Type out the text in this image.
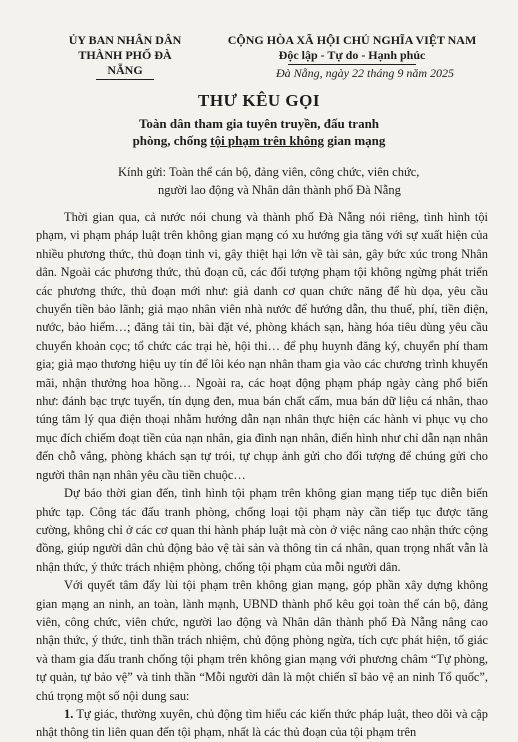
ỦY BAN NHÂN DÂN
THÀNH PHỐ ĐÀ NẴNG
CỘNG HÒA XÃ HỘI CHỦ NGHĨA VIỆT NAM
Độc lập - Tự do - Hạnh phúc
Đà Nẵng, ngày 22 tháng 9 năm 2025
THƯ KÊU GỌI
Toàn dân tham gia tuyên truyền, đấu tranh
phòng, chống tội phạm trên không gian mạng
Kính gửi: Toàn thể cán bộ, đảng viên, công chức, viên chức,
người lao động và Nhân dân thành phố Đà Nẵng

Thời gian qua, cả nước nói chung và thành phố Đà Nẵng nói riêng, tình hình tội phạm, vi phạm pháp luật trên không gian mạng có xu hướng gia tăng với sự xuất hiện của nhiều phương thức, thủ đoạn tinh vi, gây thiệt hại lớn về tài sản, gây bức xúc trong Nhân dân. Ngoài các phương thức, thủ đoạn cũ, các đối tượng phạm tội không ngừng phát triển các phương thức, thủ đoạn mới như: giả danh cơ quan chức năng để hù dọa, yêu cầu chuyển tiền bảo lãnh; giả mạo nhân viên nhà nước để hướng dẫn, thu thuế, phí, tiền điện, nước, bảo hiểm…; đăng tải tin, bài đặt vé, phòng khách sạn, hàng hóa tiêu dùng yêu cầu chuyển khoản cọc; tổ chức các trại hè, hội thi… để phụ huynh đăng ký, chuyển phí tham gia; giả mạo thương hiệu uy tín để lôi kéo nạn nhân tham gia vào các chương trình khuyến mãi, nhận thưởng hoa hồng… Ngoài ra, các hoạt động phạm pháp ngày càng phổ biến như: đánh bạc trực tuyến, tín dụng đen, mua bán chất cấm, mua bán dữ liệu cá nhân, thao túng tâm lý qua điện thoại nhằm hướng dẫn nạn nhân thực hiện các hành vi phục vụ cho mục đích chiếm đoạt tiền của nạn nhân, gia đình nạn nhân, điển hình như chỉ dẫn nạn nhân đến chỗ vắng, phòng khách sạn tự trói, tự chụp ảnh gửi cho đối tượng để chúng gửi cho người thân nạn nhân yêu cầu tiền chuộc…

Dự báo thời gian đến, tình hình tội phạm trên không gian mạng tiếp tục diễn biến phức tạp. Công tác đấu tranh phòng, chống loại tội phạm này cần tiếp tục được tăng cường, không chỉ ở các cơ quan thi hành pháp luật mà còn ở việc nâng cao nhận thức cộng đồng, giúp người dân chủ động bảo vệ tài sản và thông tin cá nhân, quan trọng nhất vẫn là nhận thức, ý thức trách nhiệm phòng, chống tội phạm của mỗi người dân.

Với quyết tâm đẩy lùi tội phạm trên không gian mạng, góp phần xây dựng không gian mạng an ninh, an toàn, lành mạnh, UBND thành phố kêu gọi toàn thể cán bộ, đảng viên, công chức, viên chức, người lao động và Nhân dân thành phố Đà Nẵng nâng cao nhận thức, ý thức, tinh thần trách nhiệm, chủ động phòng ngừa, tích cực phát hiện, tố giác và tham gia đấu tranh chống tội phạm trên không gian mạng với phương châm “Tự phòng, tự quản, tự bảo vệ” và tinh thần “Mỗi người dân là một chiến sĩ bảo vệ an ninh Tổ quốc”, chú trọng một số nội dung sau:

1. Tự giác, thường xuyên, chủ động tìm hiểu các kiến thức pháp luật, theo dõi và cập nhật thông tin liên quan đến tội phạm, nhất là các thủ đoạn của tội phạm trên
